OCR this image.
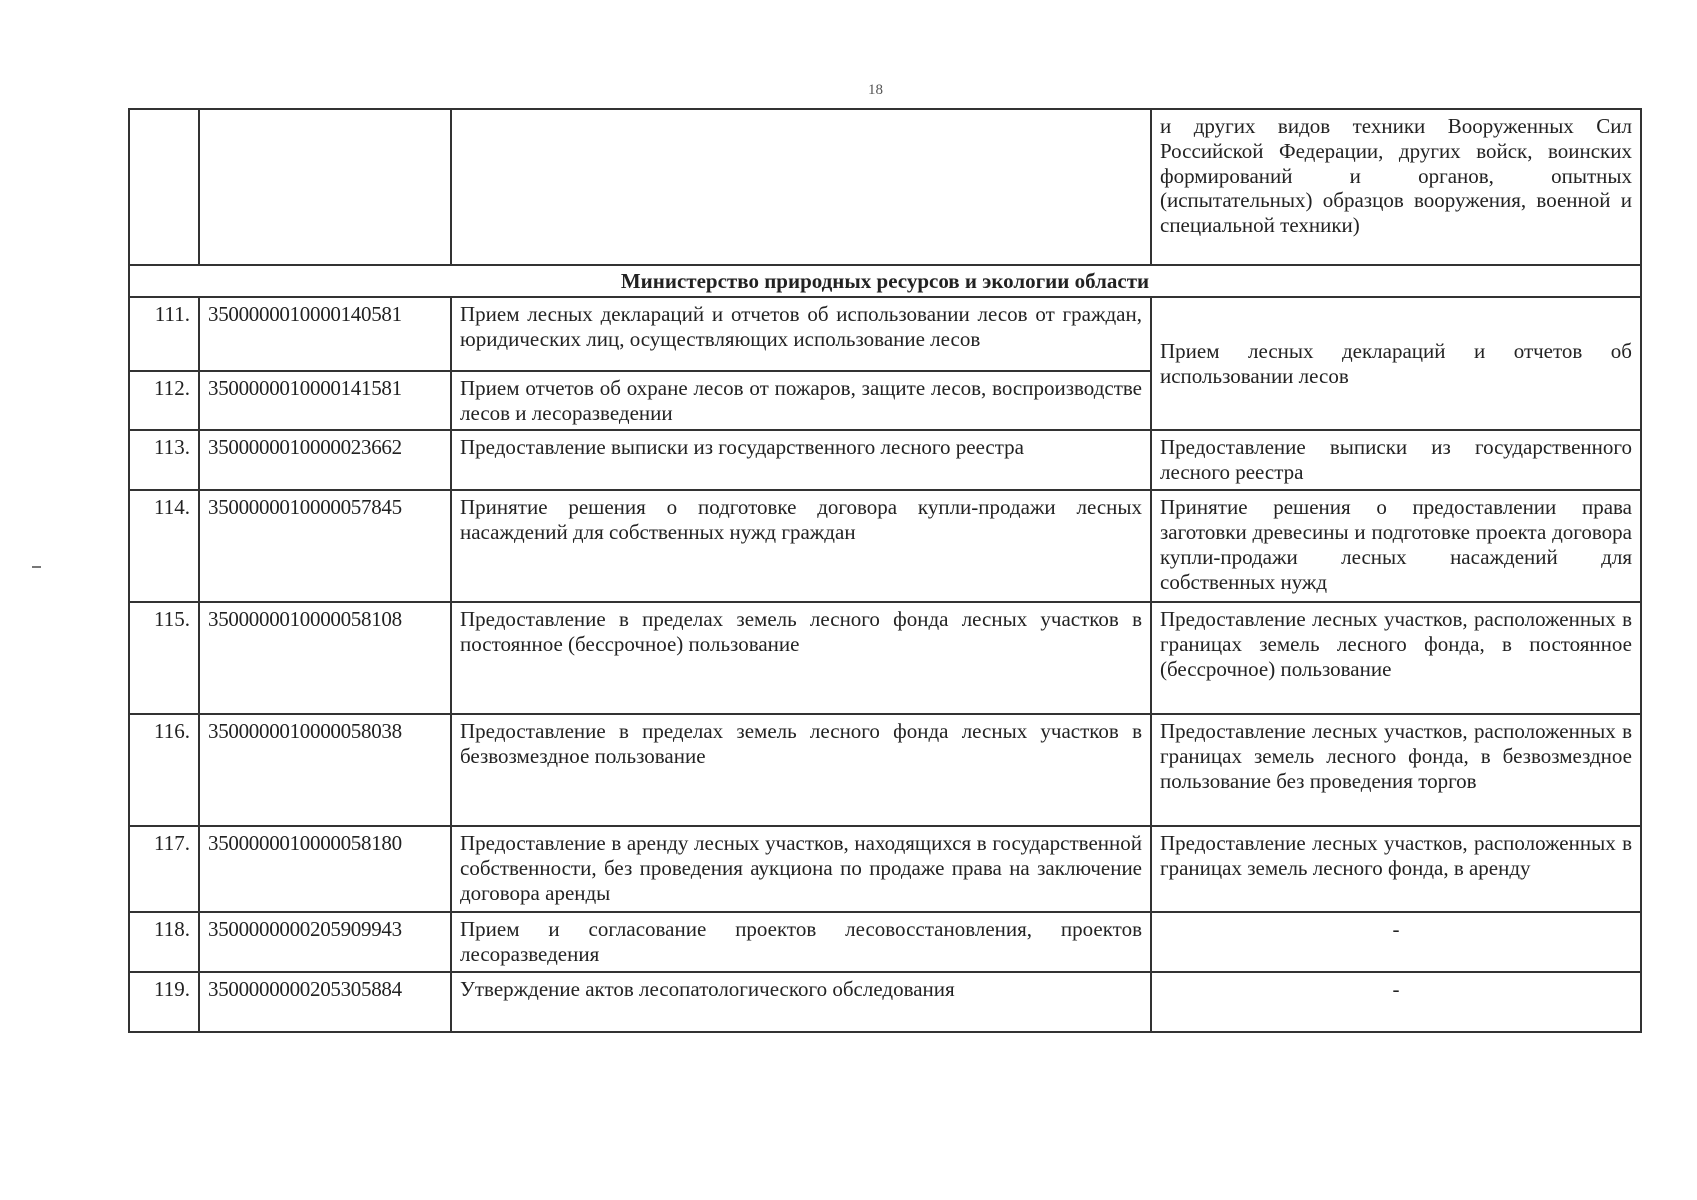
18
			и других видов техники Вооруженных Сил Российской Федерации, других войск, воинских формирований и органов, опытных (испытательных) образцов вооружения, военной и специальной техники)
Министерство природных ресурсов и экологии области			
111.	3500000010000140581	Прием лесных деклараций и отчетов об использовании лесов от граждан, юридических лиц, осуществляющих использование лесов	Прием лесных деклараций и отчетов об использовании лесов
112.	3500000010000141581	Прием отчетов об охране лесов от пожаров, защите лесов, воспроизводстве лесов и лесоразведении	
113.	3500000010000023662	Предоставление выписки из государственного лесного реестра	Предоставление выписки из государственного лесного реестра
114.	3500000010000057845	Принятие решения о подготовке договора купли-продажи лесных насаждений для собственных нужд граждан	Принятие решения о предоставлении права заготовки древесины и подготовке проекта договора купли-продажи лесных насаждений для собственных нужд
115.	3500000010000058108	Предоставление в пределах земель лесного фонда лесных участков в постоянное (бессрочное) пользование	Предоставление лесных участков, расположенных в границах земель лесного фонда, в постоянное (бессрочное) пользование
116.	3500000010000058038	Предоставление в пределах земель лесного фонда лесных участков в безвозмездное пользование	Предоставление лесных участков, расположенных в границах земель лесного фонда, в безвозмездное пользование без проведения торгов
117.	3500000010000058180	Предоставление в аренду лесных участков, находящихся в государственной собственности, без проведения аукциона по продаже права на заключение договора аренды	Предоставление лесных участков, расположенных в границах земель лесного фонда, в аренду
118.	3500000000205909943	Прием и согласование проектов лесовосстановления, проектов лесоразведения	-
119.	3500000000205305884	Утверждение актов лесопатологического обследования	-
